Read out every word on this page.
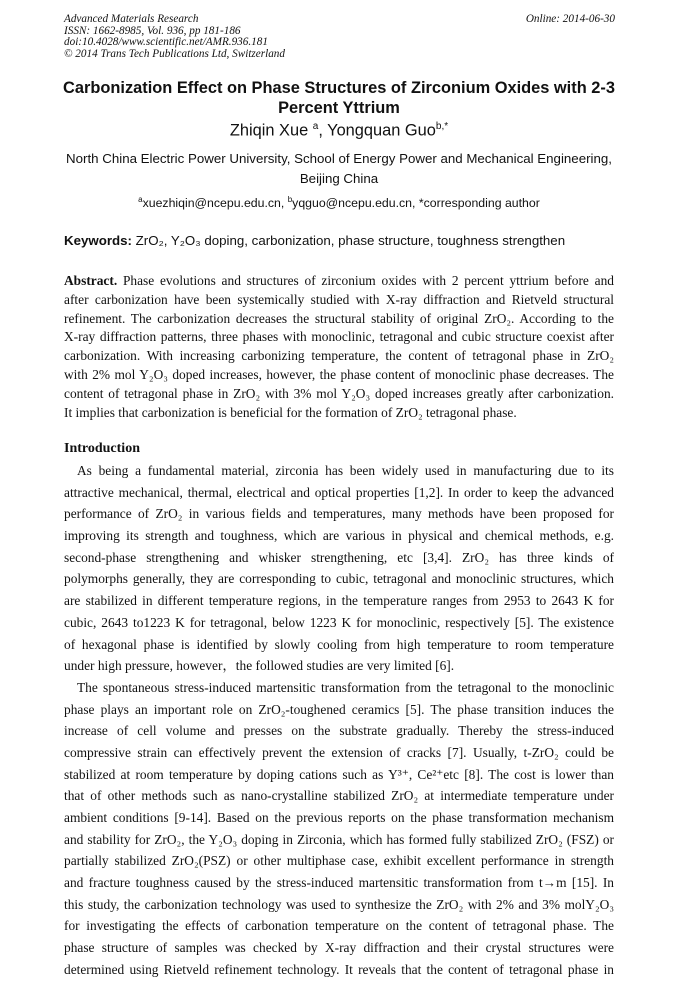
Advanced Materials Research
ISSN: 1662-8985, Vol. 936, pp 181-186
doi:10.4028/www.scientific.net/AMR.936.181
© 2014 Trans Tech Publications Ltd, Switzerland
Online: 2014-06-30
Carbonization Effect on Phase Structures of Zirconium Oxides with 2-3
Percent Yttrium
Zhiqin Xue $^a$, Yongquan Guo$^{b,*}$
North China Electric Power University, School of Energy Power and Mechanical Engineering,
Beijing China
$^a$xuezhiqin@ncepu.edu.cn, $^b$yqguo@ncepu.edu.cn, *corresponding author
Keywords: ZrO₂, Y₂O₃ doping, carbonization, phase structure, toughness strengthen
Abstract. Phase evolutions and structures of zirconium oxides with 2 percent yttrium before and
after carbonization have been systemically studied with X-ray diffraction and Rietveld structural
refinement. The carbonization decreases the structural stability of original ZrO₂. According to the
X-ray diffraction patterns, three phases with monoclinic, tetragonal and cubic structure coexist after
carbonization. With increasing carbonizing temperature, the content of tetragonal phase in ZrO₂
with 2% mol Y₂O₃ doped increases, however, the phase content of monoclinic phase decreases. The
content of tetragonal phase in ZrO₂ with 3% mol Y₂O₃ doped increases greatly after carbonization.
It implies that carbonization is beneficial for the formation of ZrO₂ tetragonal phase.
Introduction
As being a fundamental material, zirconia has been widely used in manufacturing due to its
attractive mechanical, thermal, electrical and optical properties [1,2]. In order to keep the advanced
performance of ZrO₂ in various fields and temperatures, many methods have been proposed for
improving its strength and toughness, which are various in physical and chemical methods, e.g.
second-phase strengthening and whisker strengthening, etc [3,4]. ZrO₂ has three kinds of
polymorphs generally, they are corresponding to cubic, tetragonal and monoclinic structures, which
are stabilized in different temperature regions, in the temperature ranges from 2953 to 2643 K for
cubic, 2643 to1223 K for tetragonal, below 1223 K for monoclinic, respectively [5]. The existence
of hexagonal phase is identified by slowly cooling from high temperature to room temperature
under high pressure, however，the followed studies are very limited [6].
The spontaneous stress-induced martensitic transformation from the tetragonal to the monoclinic
phase plays an important role on ZrO₂-toughened ceramics [5]. The phase transition induces the
increase of cell volume and presses on the substrate gradually. Thereby the stress-induced
compressive strain can effectively prevent the extension of cracks [7]. Usually, t-ZrO₂ could be
stabilized at room temperature by doping cations such as Y³⁺, Ce²⁺etc [8]. The cost is lower than
that of other methods such as nano-crystalline stabilized ZrO₂ at intermediate temperature under
ambient conditions [9-14]. Based on the previous reports on the phase transformation mechanism
and stability for ZrO₂, the Y₂O₃ doping in Zirconia, which has formed fully stabilized ZrO₂ (FSZ) or
partially stabilized ZrO₂(PSZ) or other multiphase case, exhibit excellent performance in strength
and fracture toughness caused by the stress-induced martensitic transformation from t→m [15]. In
this study, the carbonization technology was used to synthesize the ZrO₂ with 2% and 3% molY₂O₃
for investigating the effects of carbonation temperature on the content of tetragonal phase. The
phase structure of samples was checked by X-ray diffraction and their crystal structures were
determined using Rietveld refinement technology. It reveals that the content of tetragonal phase in
